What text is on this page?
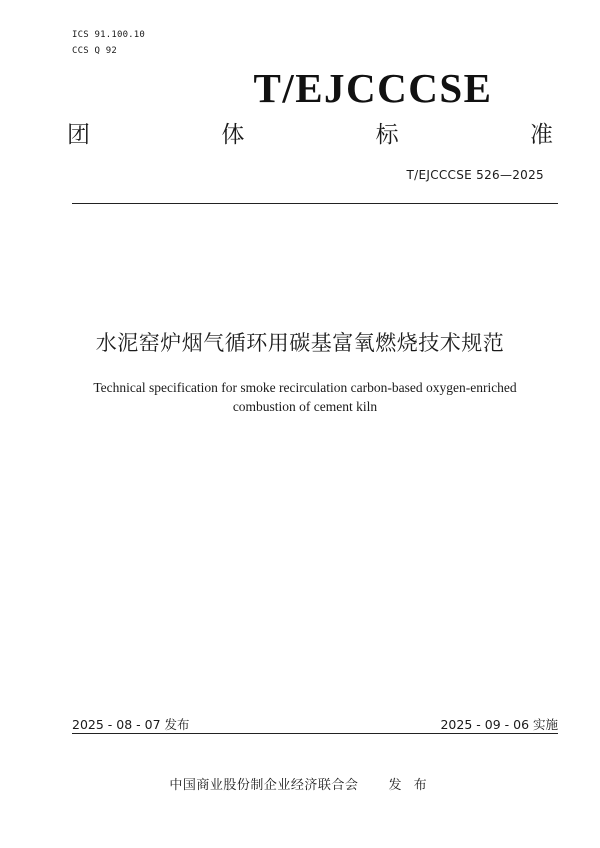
ICS 91.100.10
CCS Q 92
T/EJCCCSE
团	体	标	准
T/EJCCCSE 526—2025
水泥窑炉烟气循环用碳基富氧燃烧技术规范
Technical specification for smoke recirculation carbon-based oxygen-enriched
combustion of cement kiln
2025 - 08 - 07 发布	2025 - 09 - 06 实施
中国商业股份制企业经济联合会 发 布
